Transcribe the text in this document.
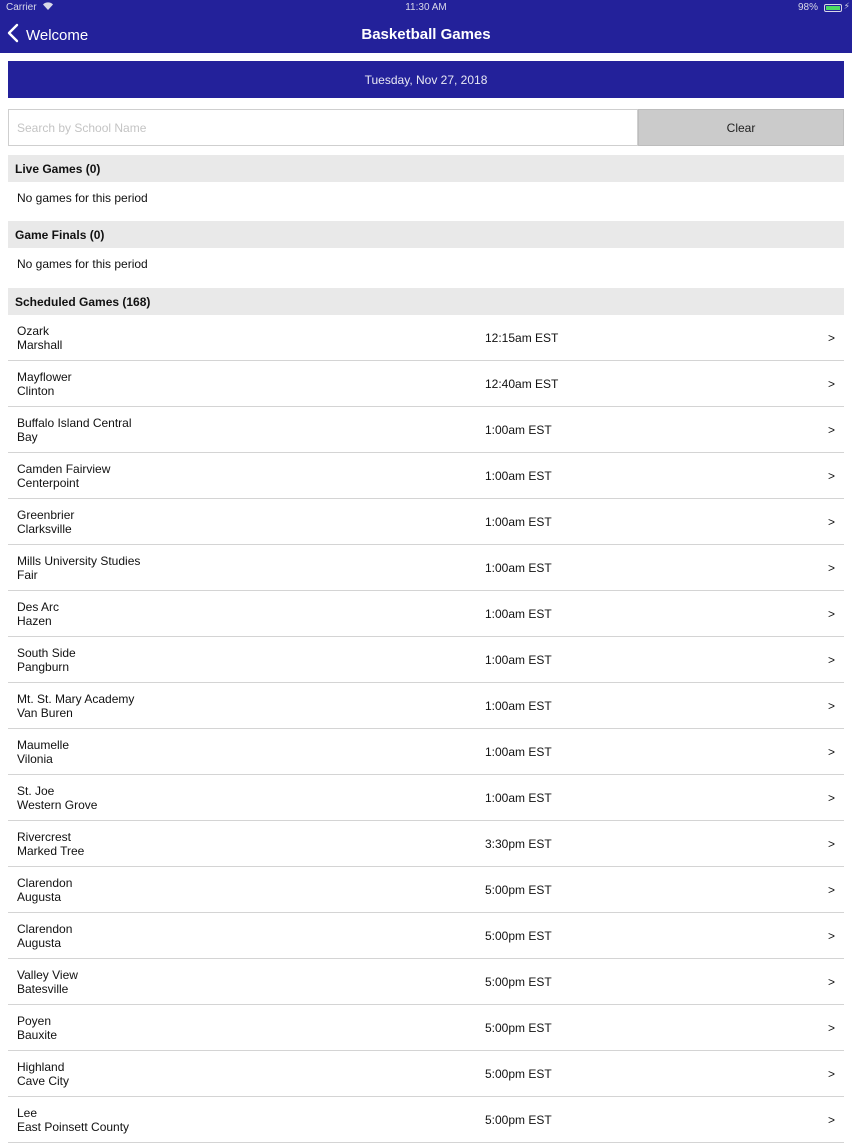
Carrier	11:30 AM	98%	⚡
Welcome	Basketball Games
Tuesday, Nov 27, 2018
Search by School Name
Clear
Live Games (0)
No games for this period
Game Finals (0)
No games for this period
Scheduled Games (168)
Ozark
Marshall	12:15am EST	>
Mayflower
Clinton	12:40am EST	>
Buffalo Island Central
Bay	1:00am EST	>
Camden Fairview
Centerpoint	1:00am EST	>
Greenbrier
Clarksville	1:00am EST	>
Mills University Studies
Fair	1:00am EST	>
Des Arc
Hazen	1:00am EST	>
South Side
Pangburn	1:00am EST	>
Mt. St. Mary Academy
Van Buren	1:00am EST	>
Maumelle
Vilonia	1:00am EST	>
St. Joe
Western Grove	1:00am EST	>
Rivercrest
Marked Tree	3:30pm EST	>
Clarendon
Augusta	5:00pm EST	>
Clarendon
Augusta	5:00pm EST	>
Valley View
Batesville	5:00pm EST	>
Poyen
Bauxite	5:00pm EST	>
Highland
Cave City	5:00pm EST	>
Lee
East Poinsett County	5:00pm EST	>
